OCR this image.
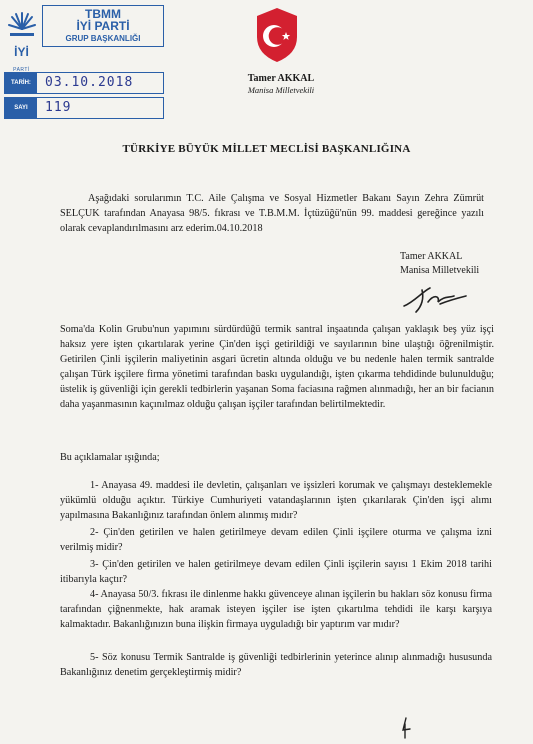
İYİ
PARTİ
TBMM
İYİ PARTİ
GRUP BAŞKANLIĞI
TARİH:	03.10.2018
SAYI	119
Tamer AKKAL
Manisa Milletvekili
TÜRKİYE BÜYÜK MİLLET MECLİSİ BAŞKANLIĞINA
Aşağıdaki sorularımın T.C. Aile Çalışma ve Sosyal Hizmetler Bakanı Sayın Zehra Zümrüt SELÇUK tarafından Anayasa 98/5. fıkrası ve T.B.M.M. İçtüzüğü'nün 99. maddesi gereğince yazılı olarak cevaplandırılmasını arz ederim.04.10.2018
Tamer AKKAL
Manisa Milletvekili
Soma'da Kolin Grubu'nun yapımını sürdürdüğü termik santral inşaatında çalışan yaklaşık beş yüz işçi haksız yere işten çıkartılarak yerine Çin'den işçi getirildiği ve sayılarının bine ulaştığı öğrenilmiştir. Getirilen Çinli işçilerin maliyetinin asgari ücretin altında olduğu ve bu nedenle halen termik santralde çalışan Türk işçilere firma yönetimi tarafından baskı uygulandığı, işten çıkarma tehdidinde bulunulduğu; üstelik iş güvenliği için gerekli tedbirlerin yaşanan Soma faciasına rağmen alınmadığı, her an bir facianın daha yaşanmasının kaçınılmaz olduğu çalışan işçiler tarafından belirtilmektedir.
Bu açıklamalar ışığında;
1- Anayasa 49. maddesi ile devletin, çalışanları ve işsizleri korumak ve çalışmayı desteklemekle yükümlü olduğu açıktır. Türkiye Cumhuriyeti vatandaşlarının işten çıkarılarak Çin'den işçi alımı yapılmasına Bakanlığınız tarafından önlem alınmış mıdır?
2- Çin'den getirilen ve halen getirilmeye devam edilen Çinli işçilere oturma ve çalışma izni verilmiş midir?
3- Çin'den getirilen ve halen getirilmeye devam edilen Çinli işçilerin sayısı 1 Ekim 2018 tarihi itibarıyla kaçtır?
4- Anayasa 50/3. fıkrası ile dinlenme hakkı güvenceye alınan işçilerin bu hakları söz konusu firma tarafından çiğnenmekte, hak aramak isteyen işçiler ise işten çıkartılma tehdidi ile karşı karşıya kalmaktadır. Bakanlığınızın buna ilişkin firmaya uyguladığı bir yaptırım var mıdır?
5- Söz konusu Termik Santralde iş güvenliği tedbirlerinin yeterince alınıp alınmadığı hususunda Bakanlığınız denetim gerçekleştirmiş midir?
